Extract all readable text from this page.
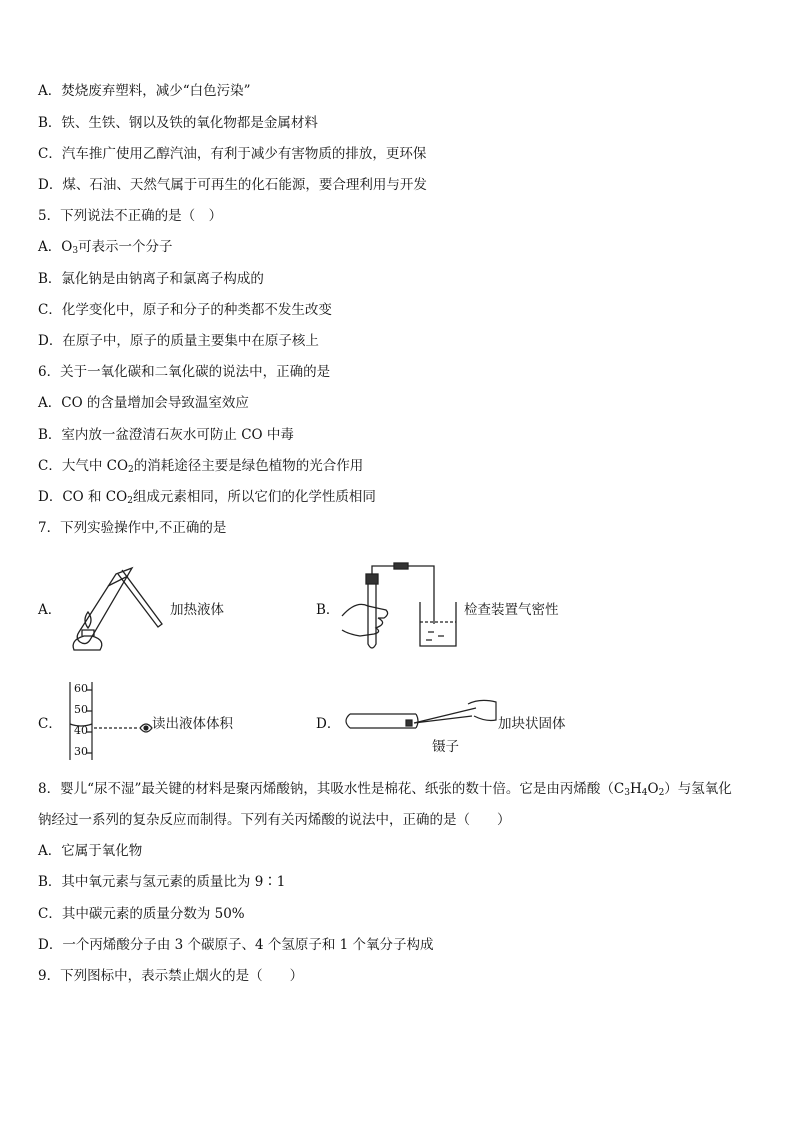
A．焚烧废弃塑料，减少“白色污染”
B．铁、生铁、钢以及铁的氧化物都是金属材料
C．汽车推广使用乙醇汽油，有利于减少有害物质的排放，更环保
D．煤、石油、天然气属于可再生的化石能源，要合理利用与开发
5．下列说法不正确的是（　）
A．$O_3$可表示一个分子
B．氯化钠是由钠离子和氯离子构成的
C．化学变化中，原子和分子的种类都不发生改变
D．在原子中，原子的质量主要集中在原子核上
6．关于一氧化碳和二氧化碳的说法中，正确的是
A．CO 的含量增加会导致温室效应
B．室内放一盆澄清石灰水可防止 CO 中毒
C．大气中 $CO_2$的消耗途径主要是绿色植物的光合作用
D．CO 和 $CO_2$组成元素相同，所以它们的化学性质相同
7．下列实验操作中,不正确的是
A．	加热液体	B．	检查装置气密性
C．
60
50
40
30
读出液体体积	D．
镊子
加块状固体
8．婴儿“尿不湿”最关键的材料是聚丙烯酸钠，其吸水性是棉花、纸张的数十倍。它是由丙烯酸$(C_3H_4O_2)$与氢氧化
钠经过一系列的复杂反应而制得。下列有关丙烯酸的说法中，正确的是（　　）
A．它属于氧化物
B．其中氧元素与氢元素的质量比为 9∶1
C．其中碳元素的质量分数为 50%
D．一个丙烯酸分子由 3 个碳原子、4 个氢原子和 1 个氧分子构成
9．下列图标中，表示禁止烟火的是（　　）
